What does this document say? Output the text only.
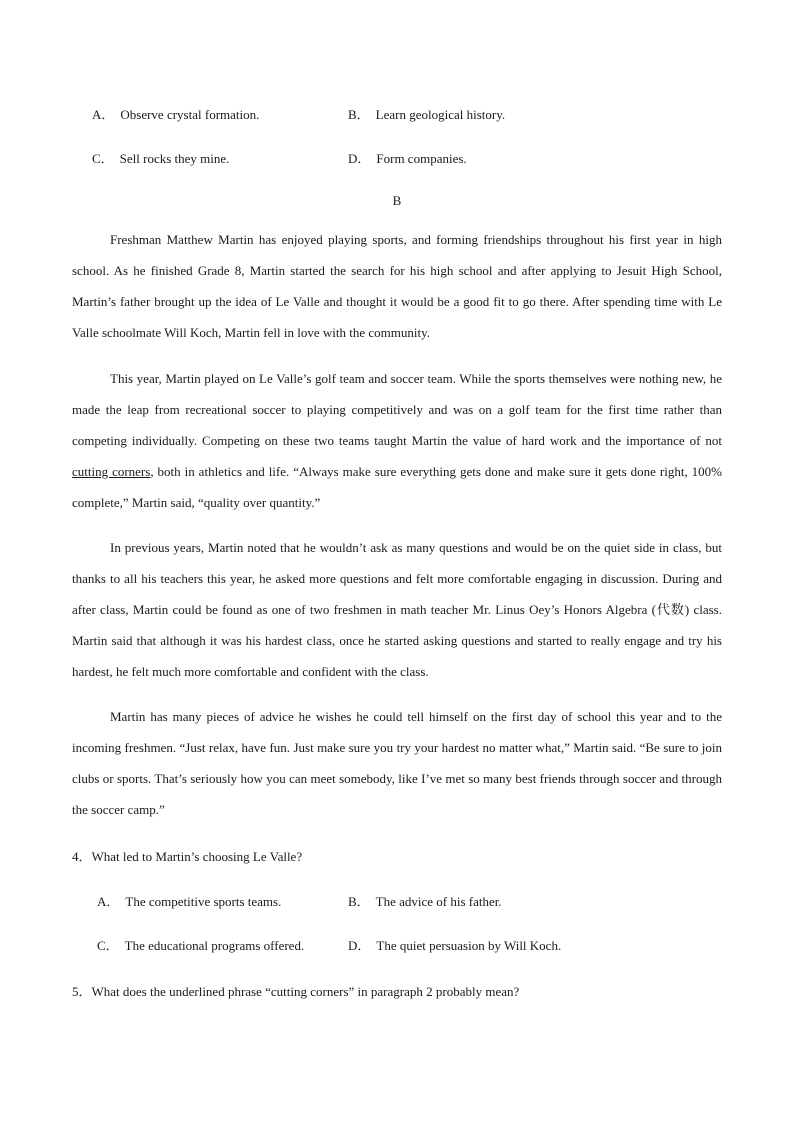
A． Observe crystal formation.	B． Learn geological history.
C． Sell rocks they mine.	D． Form companies.
B
Freshman Matthew Martin has enjoyed playing sports, and forming friendships throughout his first year in high school. As he finished Grade 8, Martin started the search for his high school and after applying to Jesuit High School, Martin’s father brought up the idea of Le Valle and thought it would be a good fit to go there. After spending time with Le Valle schoolmate Will Koch, Martin fell in love with the community.
This year, Martin played on Le Valle’s golf team and soccer team. While the sports themselves were nothing new, he made the leap from recreational soccer to playing competitively and was on a golf team for the first time rather than competing individually. Competing on these two teams taught Martin the value of hard work and the importance of not cutting corners, both in athletics and life. “Always make sure everything gets done and make sure it gets done right, 100% complete,” Martin said, “quality over quantity.”
In previous years, Martin noted that he wouldn’t ask as many questions and would be on the quiet side in class, but thanks to all his teachers this year, he asked more questions and felt more comfortable engaging in discussion. During and after class, Martin could be found as one of two freshmen in math teacher Mr. Linus Oey’s Honors Algebra (代数) class. Martin said that although it was his hardest class, once he started asking questions and started to really engage and try his hardest, he felt much more comfortable and confident with the class.
Martin has many pieces of advice he wishes he could tell himself on the first day of school this year and to the incoming freshmen. “Just relax, have fun. Just make sure you try your hardest no matter what,” Martin said. “Be sure to join clubs or sports. That’s seriously how you can meet somebody, like I’ve met so many best friends through soccer and through the soccer camp.”
4．What led to Martin’s choosing Le Valle?
A． The competitive sports teams.	B． The advice of his father.
C． The educational programs offered.	D． The quiet persuasion by Will Koch.
5．What does the underlined phrase “cutting corners” in paragraph 2 probably mean?
